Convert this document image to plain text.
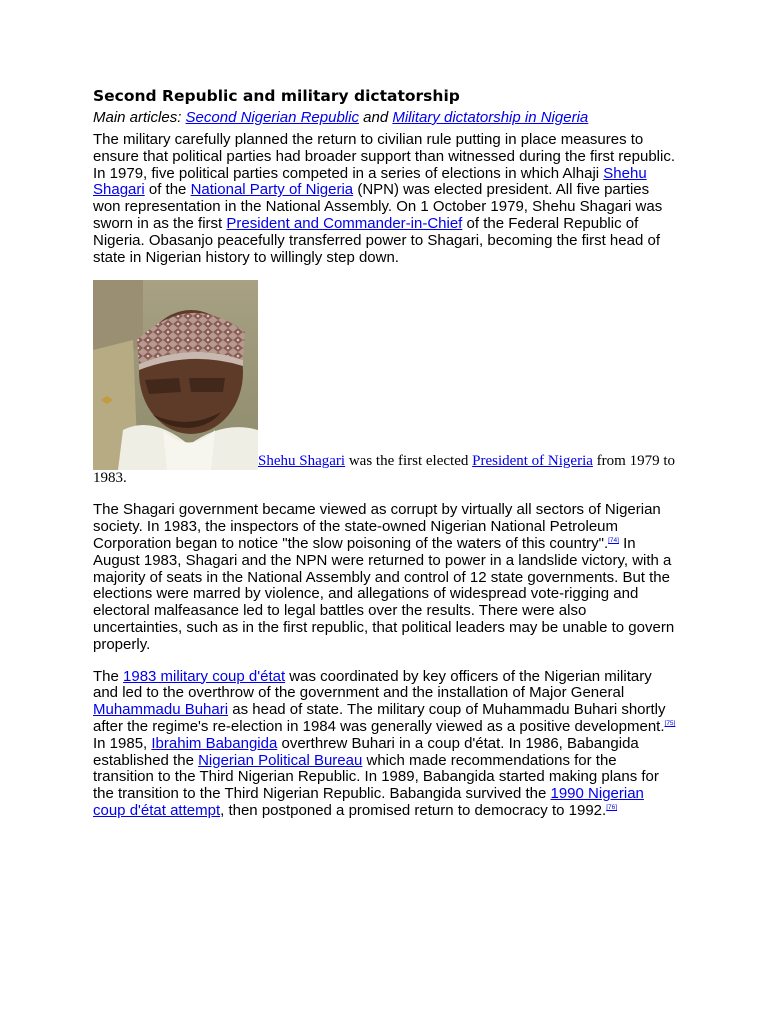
Second Republic and military dictatorship
Main articles: Second Nigerian Republic and Military dictatorship in Nigeria

The military carefully planned the return to civilian rule putting in place measures to ensure that political parties had broader support than witnessed during the first republic. In 1979, five political parties competed in a series of elections in which Alhaji Shehu Shagari of the National Party of Nigeria (NPN) was elected president. All five parties won representation in the National Assembly. On 1 October 1979, Shehu Shagari was sworn in as the first President and Commander-in-Chief of the Federal Republic of Nigeria. Obasanjo peacefully transferred power to Shagari, becoming the first head of state in Nigerian history to willingly step down.

Shehu Shagari was the first elected President of Nigeria from 1979 to 1983.

The Shagari government became viewed as corrupt by virtually all sectors of Nigerian society. In 1983, the inspectors of the state-owned Nigerian National Petroleum Corporation began to notice "the slow poisoning of the waters of this country".[74] In August 1983, Shagari and the NPN were returned to power in a landslide victory, with a majority of seats in the National Assembly and control of 12 state governments. But the elections were marred by violence, and allegations of widespread vote-rigging and electoral malfeasance led to legal battles over the results. There were also uncertainties, such as in the first republic, that political leaders may be unable to govern properly.

The 1983 military coup d'état was coordinated by key officers of the Nigerian military and led to the overthrow of the government and the installation of Major General Muhammadu Buhari as head of state. The military coup of Muhammadu Buhari shortly after the regime's re-election in 1984 was generally viewed as a positive development.[75] In 1985, Ibrahim Babangida overthrew Buhari in a coup d'état. In 1986, Babangida established the Nigerian Political Bureau which made recommendations for the transition to the Third Nigerian Republic. In 1989, Babangida started making plans for the transition to the Third Nigerian Republic. Babangida survived the 1990 Nigerian coup d'état attempt, then postponed a promised return to democracy to 1992.[76]
